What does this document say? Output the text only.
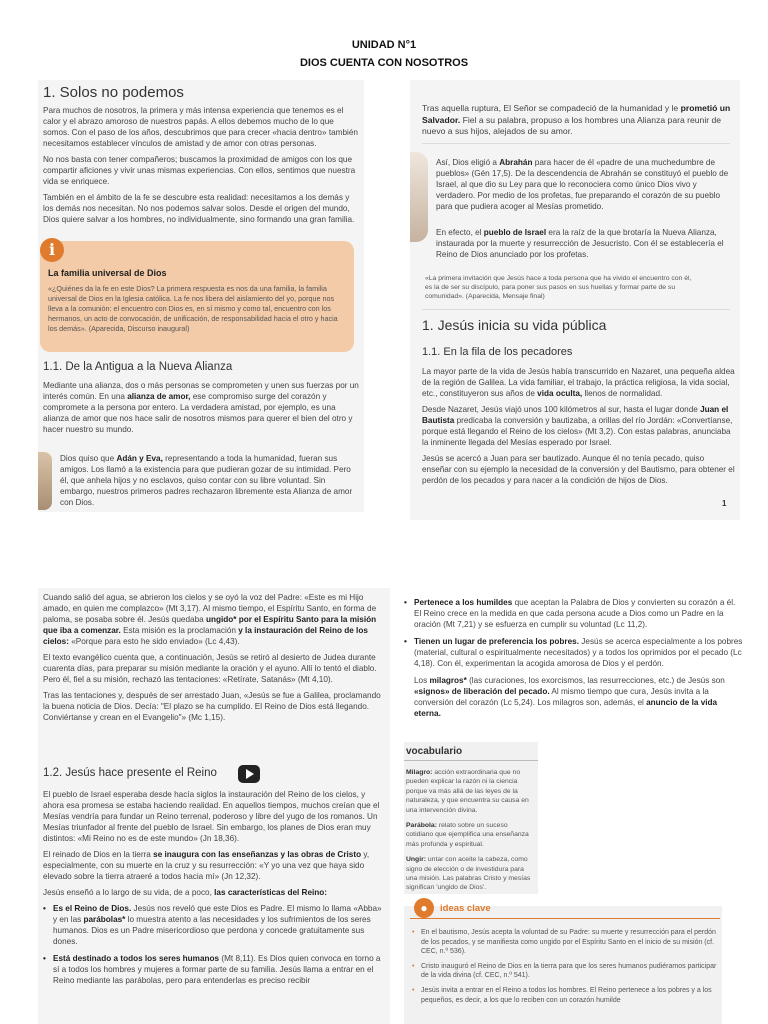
UNIDAD N°1
DIOS CUENTA CON NOSOTROS
1. Solos no podemos

Para muchos de nosotros, la primera y más intensa experiencia que tenemos es el calor y el abrazo amoroso de nuestros papás. A ellos debemos mucho de lo que somos. Con el paso de los años, descubrimos que para crecer «hacia dentro» también necesitamos establecer vínculos de amistad y de amor con otras personas.

No nos basta con tener compañeros; buscamos la proximidad de amigos con los que compartir aficiones y vivir unas mismas experiencias. Con ellos, sentimos que nuestra vida se enriquece.

También en el ámbito de la fe se descubre esta realidad: necesitamos a los demás y los demás nos necesitan. No nos podemos salvar solos. Desde el origen del mundo, Dios quiere salvar a los hombres, no individualmente, sino formando una gran familia.

i
La familia universal de Dios
«¿Quiénes da la fe en este Dios? La primera respuesta es nos da una familia, la familia universal de Dios en la Iglesia católica. La fe nos libera del aislamiento del yo, porque nos lleva a la comunión: el encuentro con Dios es, en sí mismo y como tal, encuentro con los hermanos, un acto de convocación, de unificación, de responsabilidad hacia el otro y hacia los demás». (Aparecida, Discurso inaugural)
1.1. De la Antigua a la Nueva Alianza
Mediante una alianza, dos o más personas se comprometen y unen sus fuerzas por un interés común. En una alianza de amor, ese compromiso surge del corazón y compromete a la persona por entero. La verdadera amistad, por ejemplo, es una alianza de amor que nos hace salir de nosotros mismos para querer el bien del otro y hacer nuestro su mundo.
Dios quiso que Adán y Eva, representando a toda la humanidad, fueran sus amigos. Los llamó a la existencia para que pudieran gozar de su intimidad. Pero él, que anhela hijos y no esclavos, quiso contar con su libre voluntad. Sin embargo, nuestros primeros padres rechazaron libremente esta Alianza de amor con Dios.
Tras aquella ruptura, El Señor se compadeció de la humanidad y le prometió un Salvador. Fiel a su palabra, propuso a los hombres una Alianza para reunir de nuevo a sus hijos, alejados de su amor.
Así, Dios eligió a Abrahán para hacer de él «padre de una muchedumbre de pueblos» (Gén 17,5). De la descendencia de Abrahán se constituyó el pueblo de Israel, al que dio su Ley para que lo reconociera como único Dios vivo y verdadero. Por medio de los profetas, fue preparando el corazón de su pueblo para que pudiera acoger al Mesías prometido.
En efecto, el pueblo de Israel era la raíz de la que brotaría la Nueva Alianza, instaurada por la muerte y resurrección de Jesucristo. Con él se establecería el Reino de Dios anunciado por los profetas.
«La primera invitación que Jesús hace a toda persona que ha vivido el encuentro con él, es la de ser su discípulo, para poner sus pasos en sus huellas y formar parte de su comunidad». (Aparecida, Mensaje final)
1. Jesús inicia su vida pública
1.1. En la fila de los pecadores

La mayor parte de la vida de Jesús había transcurrido en Nazaret, una pequeña aldea de la región de Galilea. La vida familiar, el trabajo, la práctica religiosa, la vida social, etc., constituyeron sus años de vida oculta, llenos de normalidad.

Desde Nazaret, Jesús viajó unos 100 kilómetros al sur, hasta el lugar donde Juan el Bautista predicaba la conversión y bautizaba, a orillas del río Jordán: «Convertíanse, porque está llegando el Reino de los cielos» (Mt 3,2). Con estas palabras, anunciaba la inminente llegada del Mesías esperado por Israel.

Jesús se acercó a Juan para ser bautizado. Aunque él no tenía pecado, quiso enseñar con su ejemplo la necesidad de la conversión y del Bautismo, para obtener el perdón de los pecados y para nacer a la condición de hijos de Dios.

1

Cuando salió del agua, se abrieron los cielos y se oyó la voz del Padre: «Este es mi Hijo amado, en quien me complazco» (Mt 3,17). Al mismo tiempo, el Espíritu Santo, en forma de paloma, se posaba sobre él. Jesús quedaba ungido* por el Espíritu Santo para la misión que iba a comenzar. Esta misión es la proclamación y la instauración del Reino de los cielos: «Porque para esto he sido enviado» (Lc 4,43).

El texto evangélico cuenta que, a continuación, Jesús se retiró al desierto de Judea durante cuarenta días, para preparar su misión mediante la oración y el ayuno. Allí lo tentó el diablo. Pero él, fiel a su misión, rechazó las tentaciones: «Retírate, Satanás» (Mt 4,10).

Tras las tentaciones y, después de ser arrestado Juan, «Jesús se fue a Galilea, proclamando la buena noticia de Dios. Decía: "El plazo se ha cumplido. El Reino de Dios está llegando. Conviértanse y crean en el Evangelio"» (Mc 1,15).

1.2. Jesús hace presente el Reino

El pueblo de Israel esperaba desde hacía siglos la instauración del Reino de los cielos, y ahora esa promesa se estaba haciendo realidad. En aquellos tiempos, muchos creían que el Mesías vendría para fundar un Reino terrenal, poderoso y libre del yugo de los romanos. Un Mesías triunfador al frente del pueblo de Israel. Sin embargo, los planes de Dios eran muy distintos: «Mi Reino no es de este mundo» (Jn 18,36).

El reinado de Dios en la tierra se inaugura con las enseñanzas y las obras de Cristo y, especialmente, con su muerte en la cruz y su resurrección: «Y yo una vez que haya sido elevado sobre la tierra atraeré a todos hacia mí» (Jn 12,32).

Jesús enseñó a lo largo de su vida, de a poco, las características del Reino:

• Es el Reino de Dios. Jesús nos reveló que este Dios es Padre. El mismo lo llama «Abba» y en las parábolas* lo muestra atento a las necesidades y los sufrimientos de los seres humanos. Dios es un Padre misericordioso que perdona y concede gratuitamente sus dones.
• Está destinado a todos los seres humanos (Mt 8,11). Es Dios quien convoca en torno a sí a todos los hombres y mujeres a formar parte de su familia. Jesús llama a entrar en el Reino mediante las parábolas, pero para entenderlas es preciso recibir
• Pertenece a los humildes que aceptan la Palabra de Dios y convierten su corazón a él. El Reino crece en la medida en que cada persona acude a Dios como un Padre en la oración (Mt 7,21) y se esfuerza en cumplir su voluntad (Lc 11,2).
• Tienen un lugar de preferencia los pobres. Jesús se acerca especialmente a los pobres (material, cultural o espiritualmente necesitados) y a todos los oprimidos por el pecado (Lc 4,18). Con él, experimentan la acogida amorosa de Dios y el perdón.

Los milagros* (las curaciones, los exorcismos, las resurrecciones, etc.) de Jesús son «signos» de liberación del pecado. Al mismo tiempo que cura, Jesús invita a la conversión del corazón (Lc 5,24). Los milagros son, además, el anuncio de la vida eterna.

vocabulario

Milagro: acción extraordinaria que no pueden explicar la razón ni la ciencia porque va más allá de las leyes de la naturaleza, y que encuentra su causa en una intervención divina.

Parábola: relato sobre un suceso cotidiano que ejemplifica una enseñanza más profunda y espiritual.

Ungir: untar con aceite la cabeza, como signo de elección o de investidura para una misión. Las palabras Cristo y mesías significan 'ungido de Dios'.

●	ideas clave
• En el bautismo, Jesús acepta la voluntad de su Padre: su muerte y resurrección para el perdón de los pecados, y se manifiesta como ungido por el Espíritu Santo en el inicio de su misión (cf. CEC, n.º 536).
• Cristo inauguró el Reino de Dios en la tierra para que los seres humanos pudiéramos participar de la vida divina (cf. CEC, n.º 541).
• Jesús invita a entrar en el Reino a todos los hombres. El Reino pertenece a los pobres y a los pequeños, es decir, a los que lo reciben con un corazón humilde
